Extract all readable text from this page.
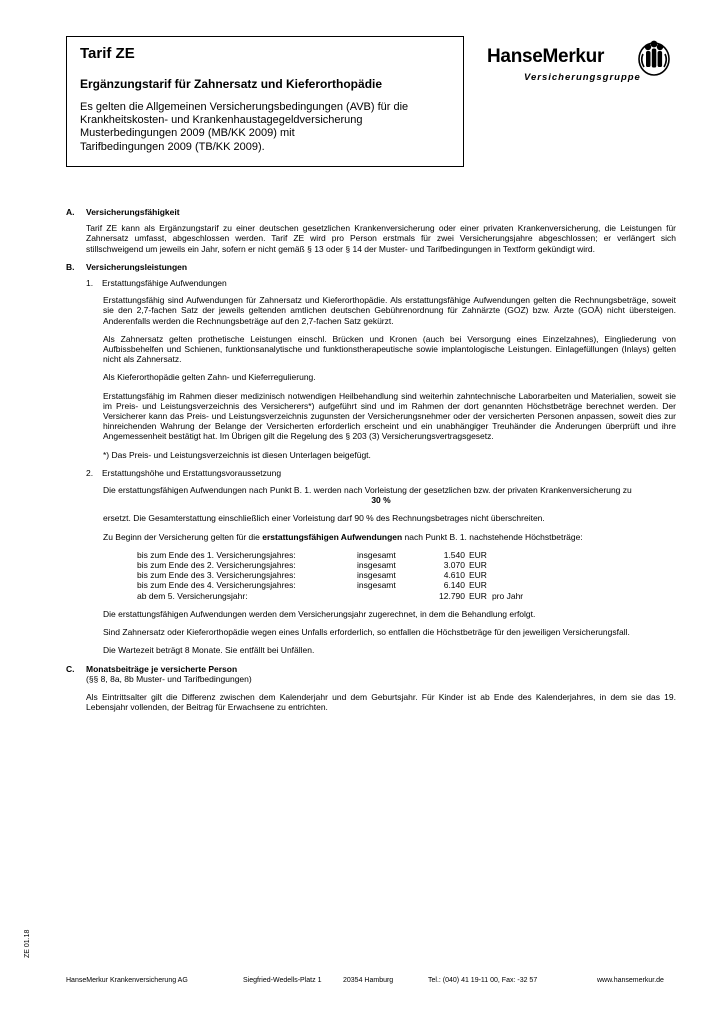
Tarif ZE
Ergänzungstarif für Zahnersatz und Kieferorthopädie
Es gelten die Allgemeinen Versicherungsbedingungen (AVB) für die
Krankheitskosten- und Krankenhaustagegeldversicherung
Musterbedingungen 2009 (MB/KK 2009) mit
Tarifbedingungen 2009 (TB/KK 2009).
HanseMerkur
Versicherungsgruppe
A. Versicherungsfähigkeit
Tarif ZE kann als Ergänzungstarif zu einer deutschen gesetzlichen Krankenversicherung oder einer privaten Krankenversicherung, die Leistungen für Zahnersatz umfasst, abgeschlossen werden. Tarif ZE wird pro Person erstmals für zwei Versicherungsjahre abgeschlossen; er verlängert sich stillschweigend um jeweils ein Jahr, sofern er nicht gemäß § 13 oder § 14 der Muster- und Tarifbedingungen in Textform gekündigt wird.
B. Versicherungsleistungen
1. Erstattungsfähige Aufwendungen
Erstattungsfähig sind Aufwendungen für Zahnersatz und Kieferorthopädie. Als erstattungsfähige Aufwendungen gelten die Rechnungsbeträge, soweit sie den 2,7-fachen Satz der jeweils geltenden amtlichen deutschen Gebührenordnung für Zahnärzte (GOZ) bzw. Ärzte (GOÄ) nicht übersteigen. Anderenfalls werden die Rechnungsbeträge auf den 2,7-fachen Satz gekürzt.
Als Zahnersatz gelten prothetische Leistungen einschl. Brücken und Kronen (auch bei Versorgung eines Einzelzahnes), Eingliederung von Aufbissbehelfen und Schienen, funktionsanalytische und funktionstherapeutische sowie implantologische Leistungen. Einlagefüllungen (Inlays) gelten nicht als Zahnersatz.
Als Kieferorthopädie gelten Zahn- und Kieferregulierung.
Erstattungsfähig im Rahmen dieser medizinisch notwendigen Heilbehandlung sind weiterhin zahntechnische Laborarbeiten und Materialien, soweit sie im Preis- und Leistungsverzeichnis des Versicherers*) aufgeführt sind und im Rahmen der dort genannten Höchstbeträge berechnet werden. Der Versicherer kann das Preis- und Leistungsverzeichnis zugunsten der Versicherungsnehmer oder der versicherten Personen anpassen, soweit dies zur hinreichenden Wahrung der Belange der Versicherten erforderlich erscheint und ein unabhängiger Treuhänder die Änderungen überprüft und ihre Angemessenheit bestätigt hat. Im Übrigen gilt die Regelung des § 203 (3) Versicherungsvertragsgesetz.
*) Das Preis- und Leistungsverzeichnis ist diesen Unterlagen beigefügt.
2. Erstattungshöhe und Erstattungsvoraussetzung
Die erstattungsfähigen Aufwendungen nach Punkt B. 1. werden nach Vorleistung der gesetzlichen bzw. der privaten Krankenversicherung zu
30 %
ersetzt. Die Gesamterstattung einschließlich einer Vorleistung darf 90 % des Rechnungsbetrages nicht überschreiten.
Zu Beginn der Versicherung gelten für die erstattungsfähigen Aufwendungen nach Punkt B. 1. nachstehende Höchstbeträge:
bis zum Ende des 1. Versicherungsjahres:	insgesamt	1.540	EUR	
bis zum Ende des 2. Versicherungsjahres:	insgesamt	3.070	EUR	
bis zum Ende des 3. Versicherungsjahres:	insgesamt	4.610	EUR	
bis zum Ende des 4. Versicherungsjahres:	insgesamt	6.140	EUR	
ab dem 5. Versicherungsjahr:		12.790	EUR	pro Jahr
Die erstattungsfähigen Aufwendungen werden dem Versicherungsjahr zugerechnet, in dem die Behandlung erfolgt.
Sind Zahnersatz oder Kieferorthopädie wegen eines Unfalls erforderlich, so entfallen die Höchstbeträge für den jeweiligen Versicherungsfall.
Die Wartezeit beträgt 8 Monate. Sie entfällt bei Unfällen.
C. Monatsbeiträge je versicherte Person
(§§ 8, 8a, 8b Muster- und Tarifbedingungen)
Als Eintrittsalter gilt die Differenz zwischen dem Kalenderjahr und dem Geburtsjahr. Für Kinder ist ab Ende des Kalenderjahres, in dem sie das 19. Lebensjahr vollenden, der Beitrag für Erwachsene zu entrichten.
ZE 01.18
HanseMerkur Krankenversicherung AG	Siegfried-Wedells-Platz 1	20354 Hamburg	Tel.: (040) 41 19-11 00, Fax: -32 57	www.hansemerkur.de
